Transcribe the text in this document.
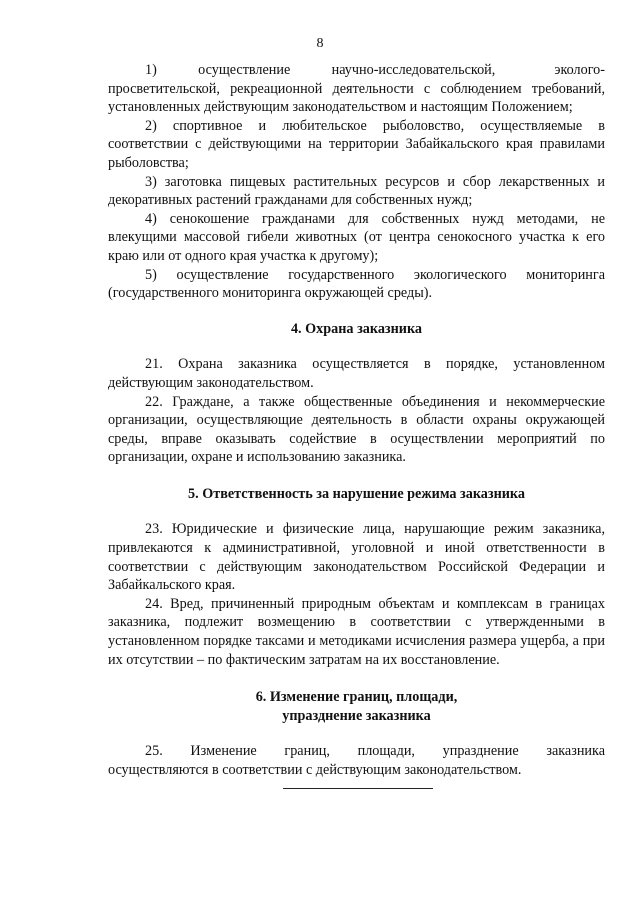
8

1)       осуществление       научно-исследовательской,          эколого-просветительской, рекреационной деятельности с соблюдением требований, установленных действующим законодательством и настоящим Положением;

2) спортивное и любительское рыболовство, осуществляемые в соответствии с действующими на территории Забайкальского края правилами рыболовства;

3) заготовка пищевых растительных ресурсов и сбор лекарственных и декоративных растений гражданами для собственных нужд;

4) сенокошение гражданами для собственных нужд методами, не влекущими массовой гибели животных (от центра сенокосного участка к его краю или от одного края участка к другому);

5) осуществление государственного экологического мониторинга (государственного мониторинга окружающей среды).

4. Охрана заказника

21. Охрана заказника осуществляется в порядке, установленном действующим законодательством.

22. Граждане, а также общественные объединения и некоммерческие организации, осуществляющие деятельность в области охраны окружающей среды, вправе оказывать содействие в осуществлении мероприятий по организации, охране и использованию заказника.

5. Ответственность за нарушение режима заказника

23. Юридические и физические лица, нарушающие режим заказника, привлекаются к административной, уголовной и иной ответственности в соответствии с действующим законодательством Российской Федерации и Забайкальского края.

24. Вред, причиненный природным объектам и комплексам в границах заказника, подлежит возмещению в соответствии с утвержденными в установленном порядке таксами и методиками исчисления размера ущерба, а при их отсутствии – по фактическим затратам на их восстановление.

6. Изменение границ, площади,
упразднение заказника

25.       Изменение       границ,       площади,       упразднение       заказника осуществляются в соответствии с действующим законодательством.
